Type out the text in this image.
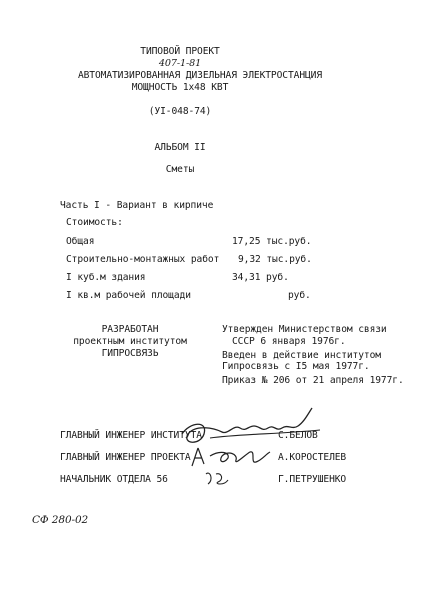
ТИПОВОЙ ПРОЕКТ
407-1-81
АВТОМАТИЗИРОВАННАЯ ДИЗЕЛЬНАЯ ЭЛЕКТРОСТАНЦИЯ
МОЩНОСТЬ 1х48 КВТ
(УI-048-74)
АЛЬБОМ II
Сметы
Часть I - Вариант в кирпиче
Стоимость:
Общая	17,25 тыс.руб.
Строительно-монтажных работ 9,32 тыс.руб.
I куб.м здания	34,31 руб.
I кв.м рабочей площади	руб.
РАЗРАБОТАН
проектным институтом
ГИПРОСВЯЗЬ
Утвержден Министерством связи
СССР 6 января 1976г.
Введен в действие институтом
Гипросвязь с I5 мая 1977г.
Приказ № 206 от 21 апреля 1977г.
ГЛАВНЫЙ ИНЖЕНЕР ИНСТИТУТА	С.БЕЛОВ
ГЛАВНЫЙ ИНЖЕНЕР ПРОЕКТА	А.КОРОСТЕЛЕВ
НАЧАЛЬНИК ОТДЕЛА 56	Г.ПЕТРУШЕНКО
СФ 280-02
